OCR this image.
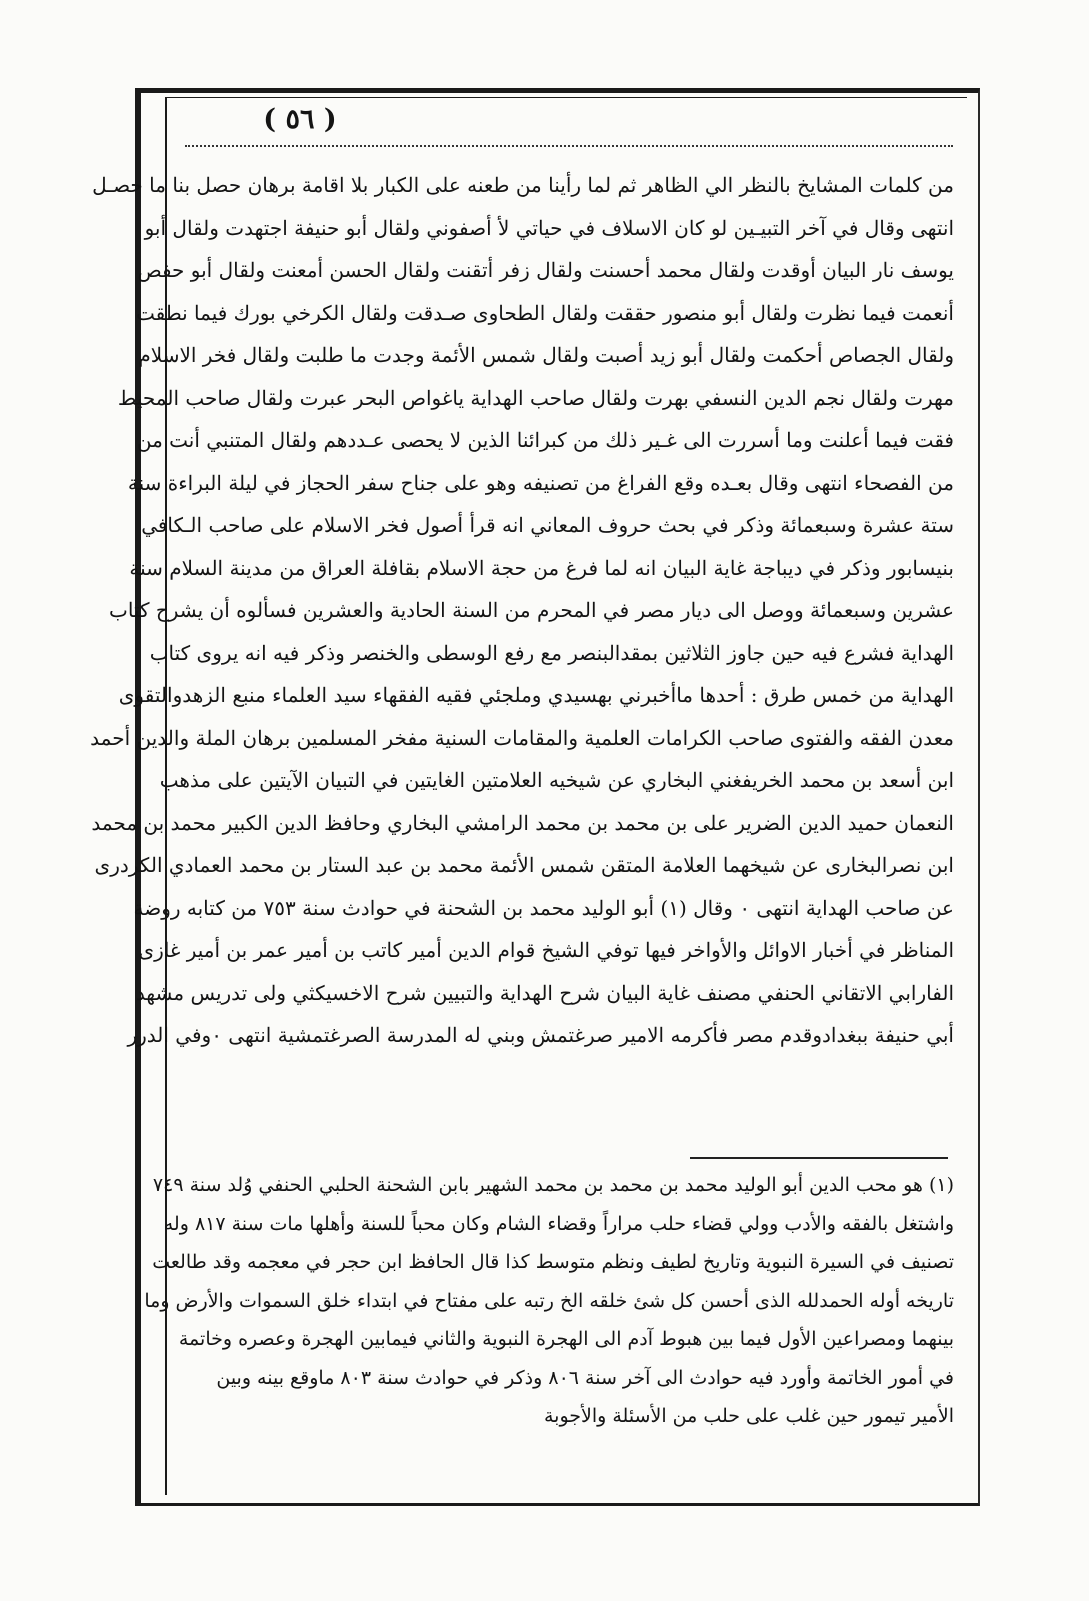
( ٥٦ )
من كلمات المشايخ بالنظر الي الظاهر ثم لما رأينا من طعنه على الكبار بلا اقامة برهان حصل بنا ما حصـل
انتهى وقال في آخر التبيـين لو كان الاسلاف في حياتي لأ أصفوني ولقال أبو حنيفة اجتهدت ولقال أبو
يوسف نار البيان أوقدت ولقال محمد أحسنت ولقال زفر أتقنت ولقال الحسن أمعنت ولقال أبو حفص
أنعمت فيما نظرت ولقال أبو منصور حققت ولقال الطحاوى صـدقت ولقال الكرخي بورك فيما نطقت
ولقال الجصاص أحكمت ولقال أبو زيد أصبت ولقال شمس الأئمة وجدت ما طلبت ولقال فخر الاسلام
مهرت ولقال نجم الدين النسفي بهرت ولقال صاحب الهداية ياغواص البحر عبرت ولقال صاحب المحيط
فقت فيما أعلنت وما أسررت الى غـير ذلك من كبرائنا الذين لا يحصى عـددهم ولقال المتنبي أنت من
من الفصحاء انتهى وقال بعـده وقع الفراغ من تصنيفه وهو على جناح سفر الحجاز في ليلة البراءة سنة
ستة عشرة وسبعمائة وذكر في بحث حروف المعاني انه قرأ أصول فخر الاسلام على صاحب الـكافي
بنيسابور وذكر في ديباجة غاية البيان انه لما فرغ من حجة الاسلام بقافلة العراق من مدينة السلام سنة
عشرين وسبعمائة ووصل الى ديار مصر في المحرم من السنة الحادية والعشرين فسألوه أن يشرح كتاب
الهداية فشرع فيه حين جاوز الثلاثين بمقدالبنصر مع رفع الوسطى والخنصر وذكر فيه انه يروى كتاب
الهداية من خمس طرق : أحدها ماأخبرني بهسيدي وملجئي فقيه الفقهاء سيد العلماء منبع الزهدوالتقوى
معدن الفقه والفتوى صاحب الكرامات العلمية والمقامات السنية مفخر المسلمين برهان الملة والدين أحمد
ابن أسعد بن محمد الخريفغني البخاري عن شيخيه العلامتين الغايتين في التبيان الآيتين على مذهب
النعمان حميد الدين الضرير على بن محمد بن محمد الرامشي البخاري وحافظ الدين الكبير محمد بن محمد
ابن نصرالبخارى عن شيخهما العلامة المتقن شمس الأئمة محمد بن عبد الستار بن محمد العمادي الكردرى
عن صاحب الهداية انتهى ٠ وقال (١) أبو الوليد محمد بن الشحنة في حوادث سنة ٧٥٣ من كتابه روضة
المناظر في أخبار الاوائل والأواخر فيها توفي الشيخ قوام الدين أمير كاتب بن أمير عمر بن أمير غازى
الفارابي الاتقاني الحنفي مصنف غاية البيان شرح الهداية والتبيين شرح الاخسيكثي ولى تدريس مشهد
أبي حنيفة ببغدادوقدم مصر فأكرمه الامير صرغتمش وبني له المدرسة الصرغتمشية انتهى ٠وفي الدرر
(١) هو محب الدين أبو الوليد محمد بن محمد بن محمد الشهير بابن الشحنة الحلبي الحنفي وُلد سنة ٧٤٩
واشتغل بالفقه والأدب وولي قضاء حلب مراراً وقضاء الشام وكان محباً للسنة وأهلها مات سنة ٨١٧ وله
تصنيف في السيرة النبوية وتاريخ لطيف ونظم متوسط كذا قال الحافظ ابن حجر في معجمه وقد طالعت
تاريخه أوله الحمدلله الذى أحسن كل شئ خلقه الخ رتبه على مفتاح في ابتداء خلق السموات والأرض وما
بينهما ومصراعين الأول فيما بين هبوط آدم الى الهجرة النبوية والثاني فيمابين الهجرة وعصره وخاتمة
في أمور الخاتمة وأورد فيه حوادث الى آخر سنة ٨٠٦ وذكر في حوادث سنة ٨٠٣ ماوقع بينه وبين
الأمير تيمور حين غلب على حلب من الأسئلة والأجوبة
